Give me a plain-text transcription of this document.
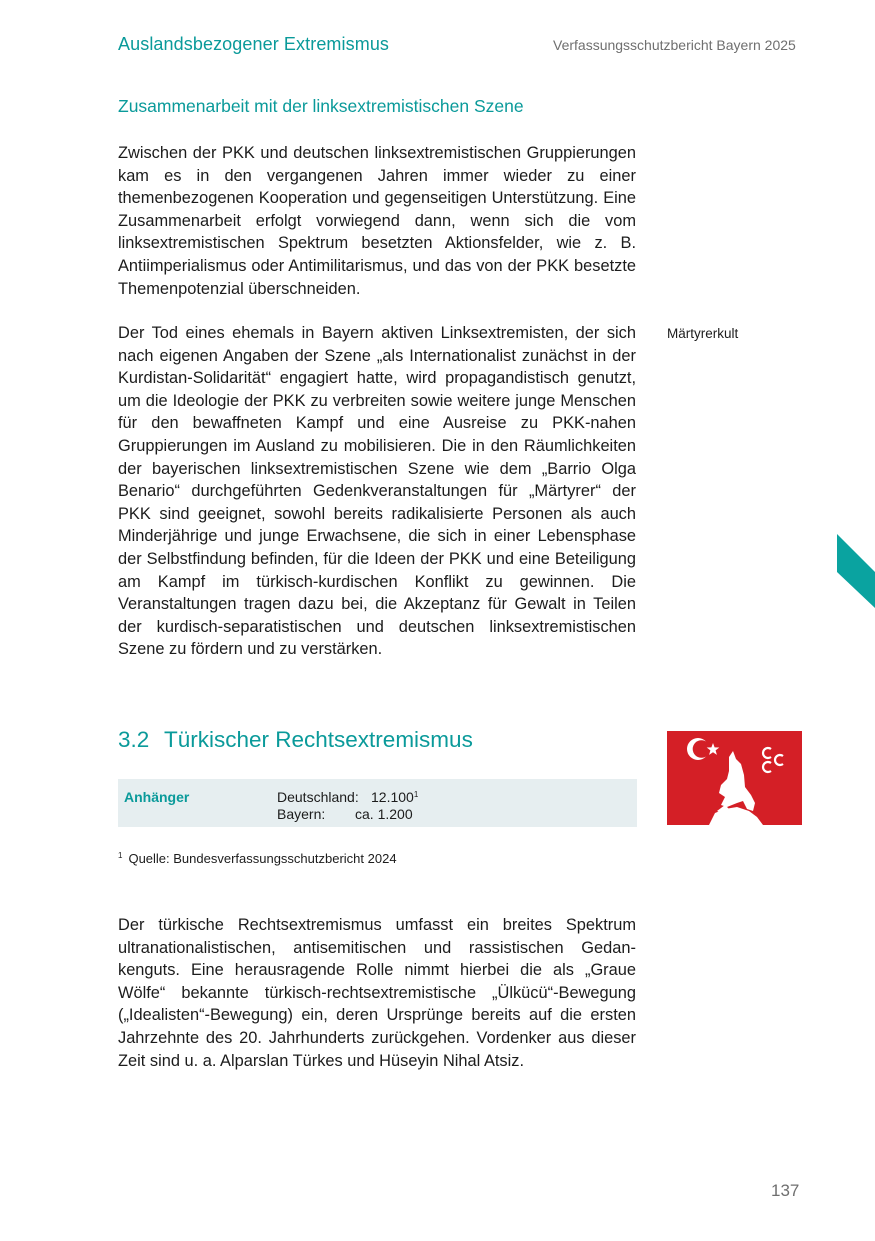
Auslandsbezogener Extremismus	Verfassungsschutzbericht Bayern 2025
Zusammenarbeit mit der linksextremistischen Szene
Zwischen der PKK und deutschen linksextremistischen Gruppierungen kam es in den vergangenen Jahren immer wieder zu einer themenbezogenen Kooperation und gegenseitigen Unterstützung. Eine Zusammenarbeit erfolgt vorwiegend dann, wenn sich die vom linksextremistischen Spektrum besetzten Aktionsfelder, wie z. B. Antiimperialismus oder Antimilitarismus, und das von der PKK besetzte Themenpotenzial überschneiden.
Märtyrerkult
Der Tod eines ehemals in Bayern aktiven Linksextremisten, der sich nach eigenen Angaben der Szene „als Internationalist zunächst in der Kurdistan-Solidarität“ engagiert hatte, wird propagandistisch genutzt, um die Ideologie der PKK zu verbreiten sowie weitere junge Menschen für den bewaffneten Kampf und eine Ausreise zu PKK-nahen Gruppierungen im Ausland zu mobilisieren. Die in den Räumlichkeiten der bayerischen linksextremistischen Szene wie dem „Barrio Olga Benario“ durchgeführten Gedenkveranstaltungen für „Märtyrer“ der PKK sind geeignet, sowohl bereits radikalisierte Personen als auch Minderjährige und junge Erwachsene, die sich in einer Lebensphase der Selbstfindung befinden, für die Ideen der PKK und eine Beteiligung am Kampf im türkisch-kurdischen Konflikt zu gewinnen. Die Veranstaltungen tragen dazu bei, die Akzeptanz für Gewalt in Teilen der kurdisch-separatistischen und deutschen linksextremistischen Szene zu fördern und zu verstärken.
3.2 Türkischer Rechtsextremismus
Anhänger	Deutschland: 12.100$^1$
Bayern: ca. 1.200
$^1$ Quelle: Bundesverfassungsschutzbericht 2024
Der türkische Rechtsextremismus umfasst ein breites Spektrum ultranationalistischen, antisemitischen und rassistischen Gedankenguts. Eine herausragende Rolle nimmt hierbei die als „Graue Wölfe“ bekannte türkisch-rechtsextremistische „Ülkücü“-Bewegung („Idealisten“-Bewegung) ein, deren Ursprünge bereits auf die ersten Jahrzehnte des 20. Jahrhunderts zurückgehen. Vordenker aus dieser Zeit sind u. a. Alparslan Türkes und Hüseyin Nihal Atsiz.
137
